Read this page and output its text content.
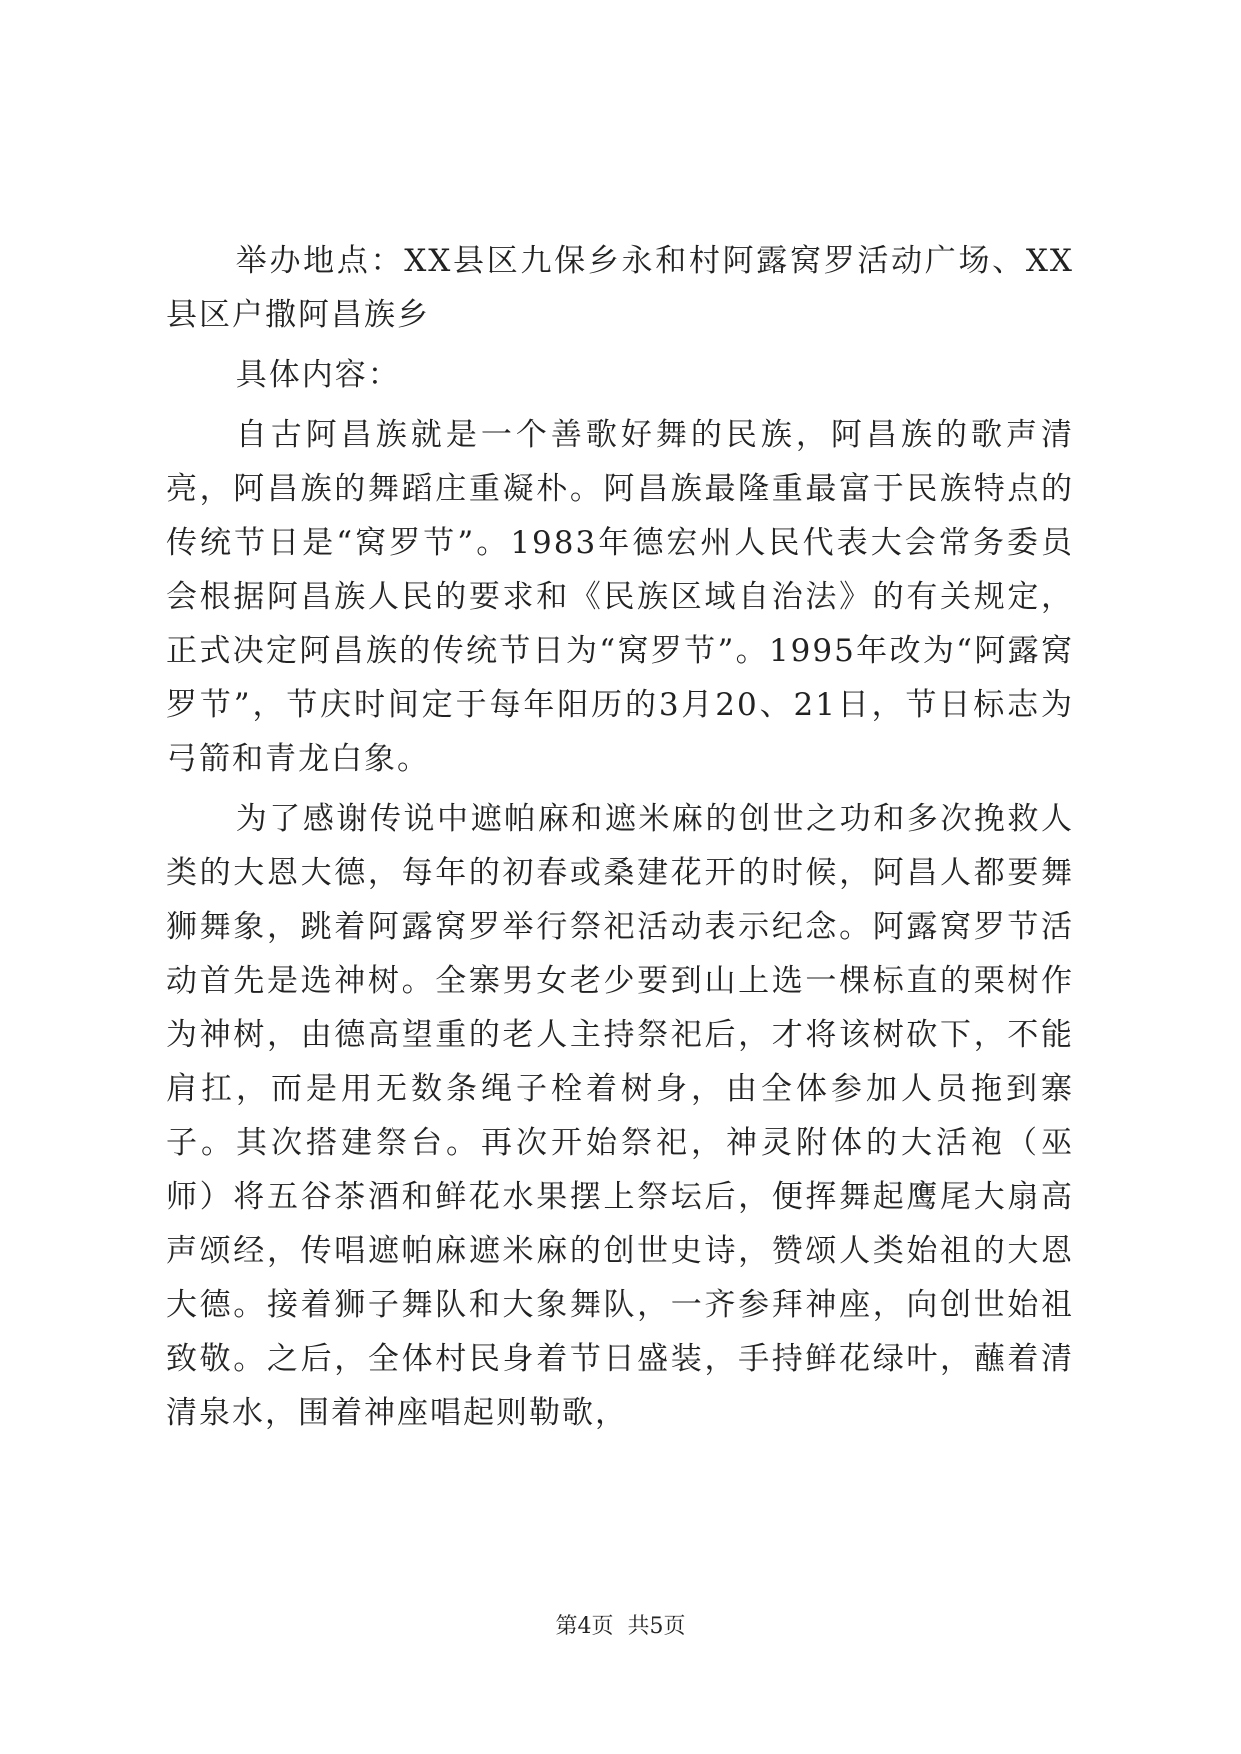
举办地点：XX县区九保乡永和村阿露窝罗活动广场、XX县区户撒阿昌族乡

具体内容：

自古阿昌族就是一个善歌好舞的民族，阿昌族的歌声清亮，阿昌族的舞蹈庄重凝朴。阿昌族最隆重最富于民族特点的传统节日是“窝罗节”。1983年德宏州人民代表大会常务委员会根据阿昌族人民的要求和《民族区域自治法》的有关规定，正式决定阿昌族的传统节日为“窝罗节”。1995年改为“阿露窝罗节”，节庆时间定于每年阳历的3月20、21日，节日标志为弓箭和青龙白象。

为了感谢传说中遮帕麻和遮米麻的创世之功和多次挽救人类的大恩大德，每年的初春或桑建花开的时候，阿昌人都要舞狮舞象，跳着阿露窝罗举行祭祀活动表示纪念。阿露窝罗节活动首先是选神树。全寨男女老少要到山上选一棵标直的栗树作为神树，由德高望重的老人主持祭祀后，才将该树砍下，不能肩扛，而是用无数条绳子栓着树身，由全体参加人员拖到寨子。其次搭建祭台。再次开始祭祀，神灵附体的大活袍（巫师）将五谷茶酒和鲜花水果摆上祭坛后，便挥舞起鹰尾大扇高声颂经，传唱遮帕麻遮米麻的创世史诗，赞颂人类始祖的大恩大德。接着狮子舞队和大象舞队，一齐参拜神座，向创世始祖致敬。之后，全体村民身着节日盛装，手持鲜花绿叶，蘸着清清泉水，围着神座唱起则勒歌，

第4页 共5页
